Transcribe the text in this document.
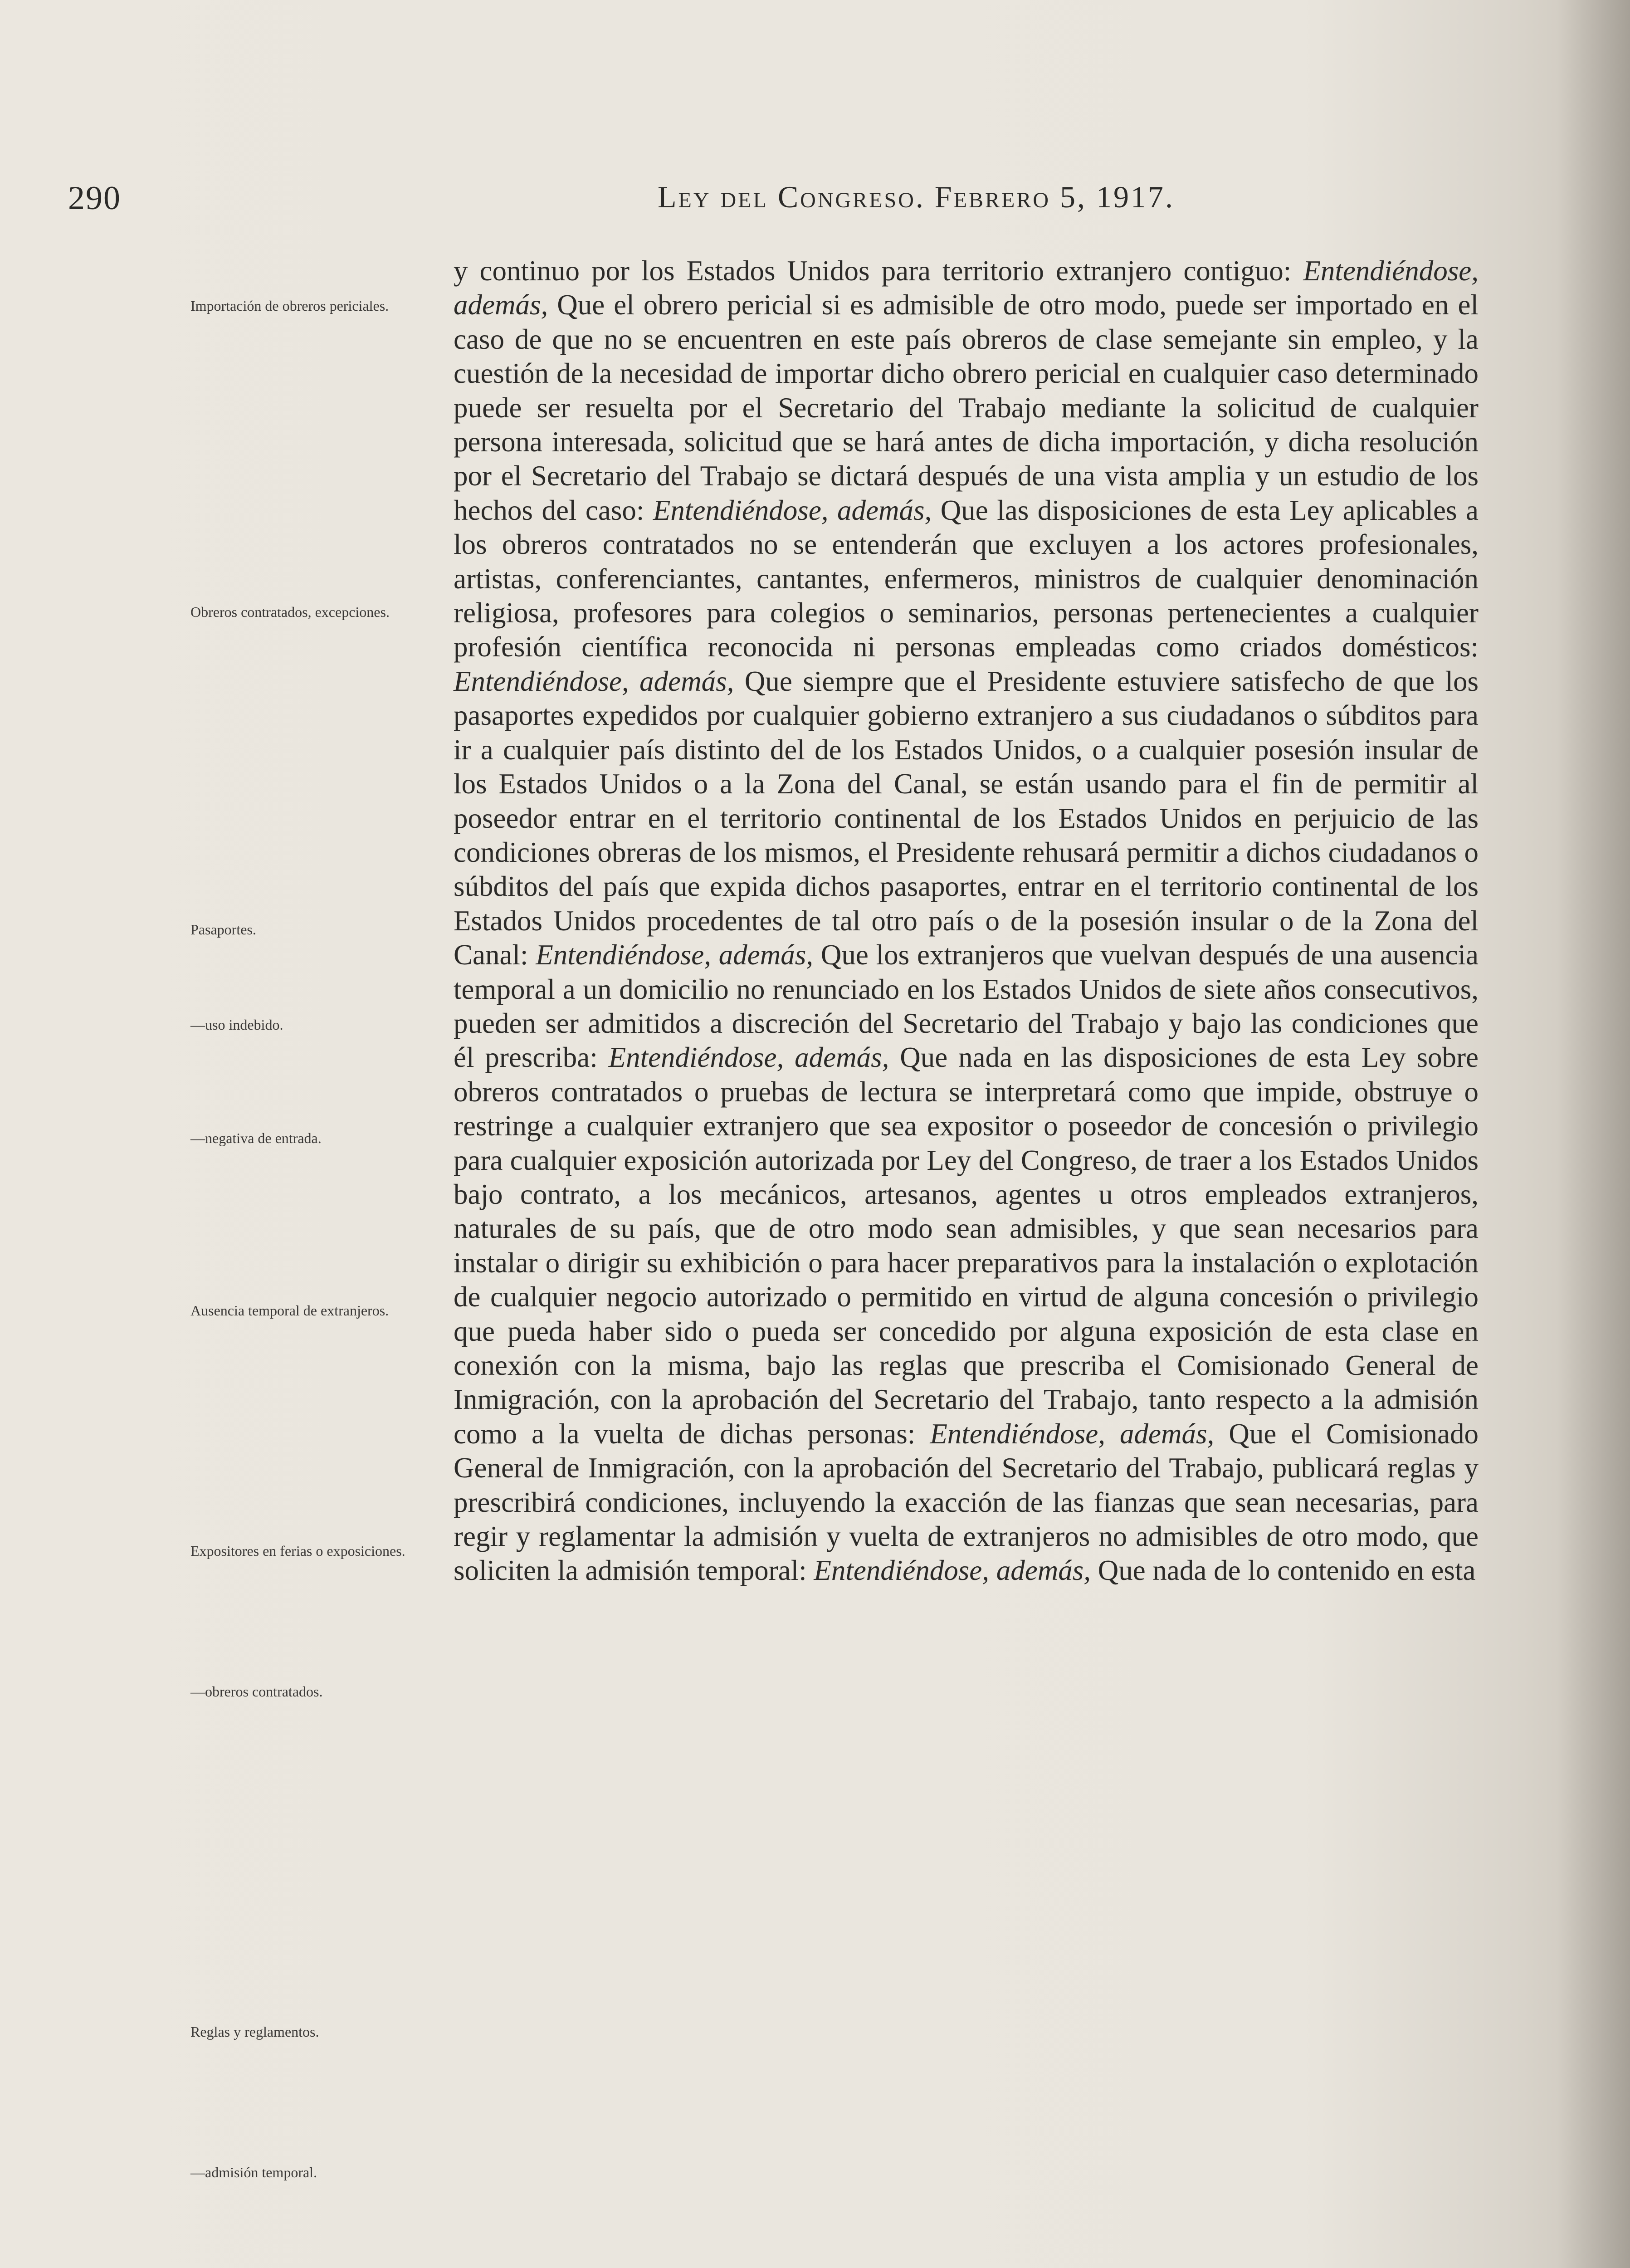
290	Ley del Congreso. Febrero 5, 1917.
Importación de obreros periciales.
Obreros contratados, excepciones.
Pasaportes.
—uso indebido.
—negativa de entrada.
Ausencia temporal de extranjeros.
Expositores en ferias o exposiciones.
—obreros contratados.
Reglas y reglamentos.
—admisión temporal.

y continuo por los Estados Unidos para territorio extranjero contiguo: Entendiéndose, además, Que el obrero pericial si es admisible de otro modo, puede ser importado en el caso de que no se encuentren en este país obreros de clase semejante sin empleo, y la cuestión de la necesidad de importar dicho obrero pericial en cualquier caso determinado puede ser resuelta por el Secretario del Trabajo mediante la solicitud de cualquier persona interesada, solicitud que se hará antes de dicha importación, y dicha resolución por el Secretario del Trabajo se dictará después de una vista amplia y un estudio de los hechos del caso: Entendiéndose, además, Que las disposiciones de esta Ley aplicables a los obreros contratados no se entenderán que excluyen a los actores profesionales, artistas, conferenciantes, cantantes, enfermeros, ministros de cualquier denominación religiosa, profesores para colegios o seminarios, personas pertenecientes a cualquier profesión científica reconocida ni personas empleadas como criados domésticos: Entendiéndose, además, Que siempre que el Presidente estuviere satisfecho de que los pasaportes expedidos por cualquier gobierno extranjero a sus ciudadanos o súbditos para ir a cualquier país distinto del de los Estados Unidos, o a cualquier posesión insular de los Estados Unidos o a la Zona del Canal, se están usando para el fin de permitir al poseedor entrar en el territorio continental de los Estados Unidos en perjuicio de las condiciones obreras de los mismos, el Presidente rehusará permitir a dichos ciudadanos o súbditos del país que expida dichos pasaportes, entrar en el territorio continental de los Estados Unidos procedentes de tal otro país o de la posesión insular o de la Zona del Canal: Entendiéndose, además, Que los extranjeros que vuelvan después de una ausencia temporal a un domicilio no renunciado en los Estados Unidos de siete años consecutivos, pueden ser admitidos a discreción del Secretario del Trabajo y bajo las condiciones que él prescriba: Entendiéndose, además, Que nada en las disposiciones de esta Ley sobre obreros contratados o pruebas de lectura se interpretará como que impide, obstruye o restringe a cualquier extranjero que sea expositor o poseedor de concesión o privilegio para cualquier exposición autorizada por Ley del Congreso, de traer a los Estados Unidos bajo contrato, a los mecánicos, artesanos, agentes u otros empleados extranjeros, naturales de su país, que de otro modo sean admisibles, y que sean necesarios para instalar o dirigir su exhibición o para hacer preparativos para la instalación o explotación de cualquier negocio autorizado o permitido en virtud de alguna concesión o privilegio que pueda haber sido o pueda ser concedido por alguna exposición de esta clase en conexión con la misma, bajo las reglas que prescriba el Comisionado General de Inmigración, con la aprobación del Secretario del Trabajo, tanto respecto a la admisión como a la vuelta de dichas personas: Entendiéndose, además, Que el Comisionado General de Inmigración, con la aprobación del Secretario del Trabajo, publicará reglas y prescribirá condiciones, incluyendo la exacción de las fianzas que sean necesarias, para regir y reglamentar la admisión y vuelta de extranjeros no admisibles de otro modo, que soliciten la admisión temporal: Entendiéndose, además, Que nada de lo contenido en esta
